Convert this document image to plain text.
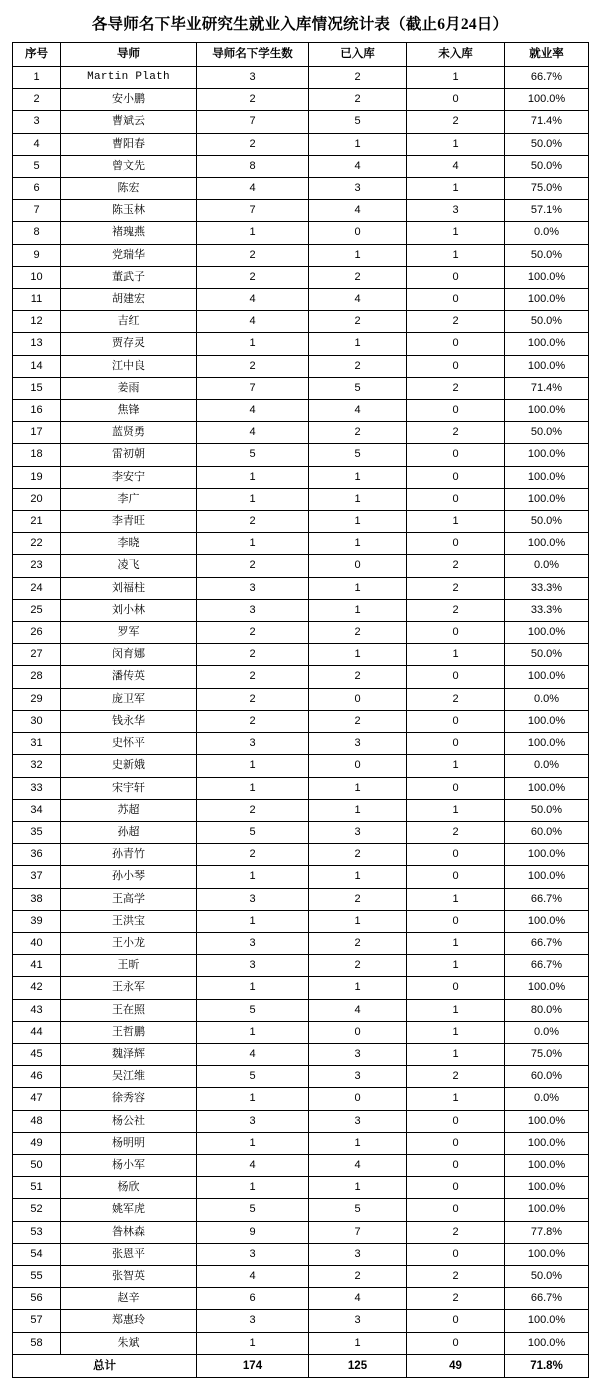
各导师名下毕业研究生就业入库情况统计表（截止6月24日）
序号	导师	导师名下学生数	已入库	未入库	就业率
1	Martin Plath	3	2	1	66.7%
2	安小鹏	2	2	0	100.0%
3	曹斌云	7	5	2	71.4%
4	曹阳春	2	1	1	50.0%
5	曾文先	8	4	4	50.0%
6	陈宏	4	3	1	75.0%
7	陈玉林	7	4	3	57.1%
8	褚瑰燕	1	0	1	0.0%
9	党瑞华	2	1	1	50.0%
10	董武子	2	2	0	100.0%
11	胡建宏	4	4	0	100.0%
12	吉红	4	2	2	50.0%
13	贾存灵	1	1	0	100.0%
14	江中良	2	2	0	100.0%
15	姜雨	7	5	2	71.4%
16	焦锋	4	4	0	100.0%
17	蓝贤勇	4	2	2	50.0%
18	雷初朝	5	5	0	100.0%
19	李安宁	1	1	0	100.0%
20	李广	1	1	0	100.0%
21	李青旺	2	1	1	50.0%
22	李晓	1	1	0	100.0%
23	凌飞	2	0	2	0.0%
24	刘福柱	3	1	2	33.3%
25	刘小林	3	1	2	33.3%
26	罗军	2	2	0	100.0%
27	闵育娜	2	1	1	50.0%
28	潘传英	2	2	0	100.0%
29	庞卫军	2	0	2	0.0%
30	钱永华	2	2	0	100.0%
31	史怀平	3	3	0	100.0%
32	史新娥	1	0	1	0.0%
33	宋宇轩	1	1	0	100.0%
34	苏超	2	1	1	50.0%
35	孙超	5	3	2	60.0%
36	孙青竹	2	2	0	100.0%
37	孙小琴	1	1	0	100.0%
38	王高学	3	2	1	66.7%
39	王洪宝	1	1	0	100.0%
40	王小龙	3	2	1	66.7%
41	王昕	3	2	1	66.7%
42	王永军	1	1	0	100.0%
43	王在照	5	4	1	80.0%
44	王哲鹏	1	0	1	0.0%
45	魏泽辉	4	3	1	75.0%
46	吴江维	5	3	2	60.0%
47	徐秀容	1	0	1	0.0%
48	杨公社	3	3	0	100.0%
49	杨明明	1	1	0	100.0%
50	杨小军	4	4	0	100.0%
51	杨欣	1	1	0	100.0%
52	姚军虎	5	5	0	100.0%
53	昝林森	9	7	2	77.8%
54	张恩平	3	3	0	100.0%
55	张智英	4	2	2	50.0%
56	赵辛	6	4	2	66.7%
57	郑惠玲	3	3	0	100.0%
58	朱斌	1	1	0	100.0%
总计		174	125	49	71.8%
